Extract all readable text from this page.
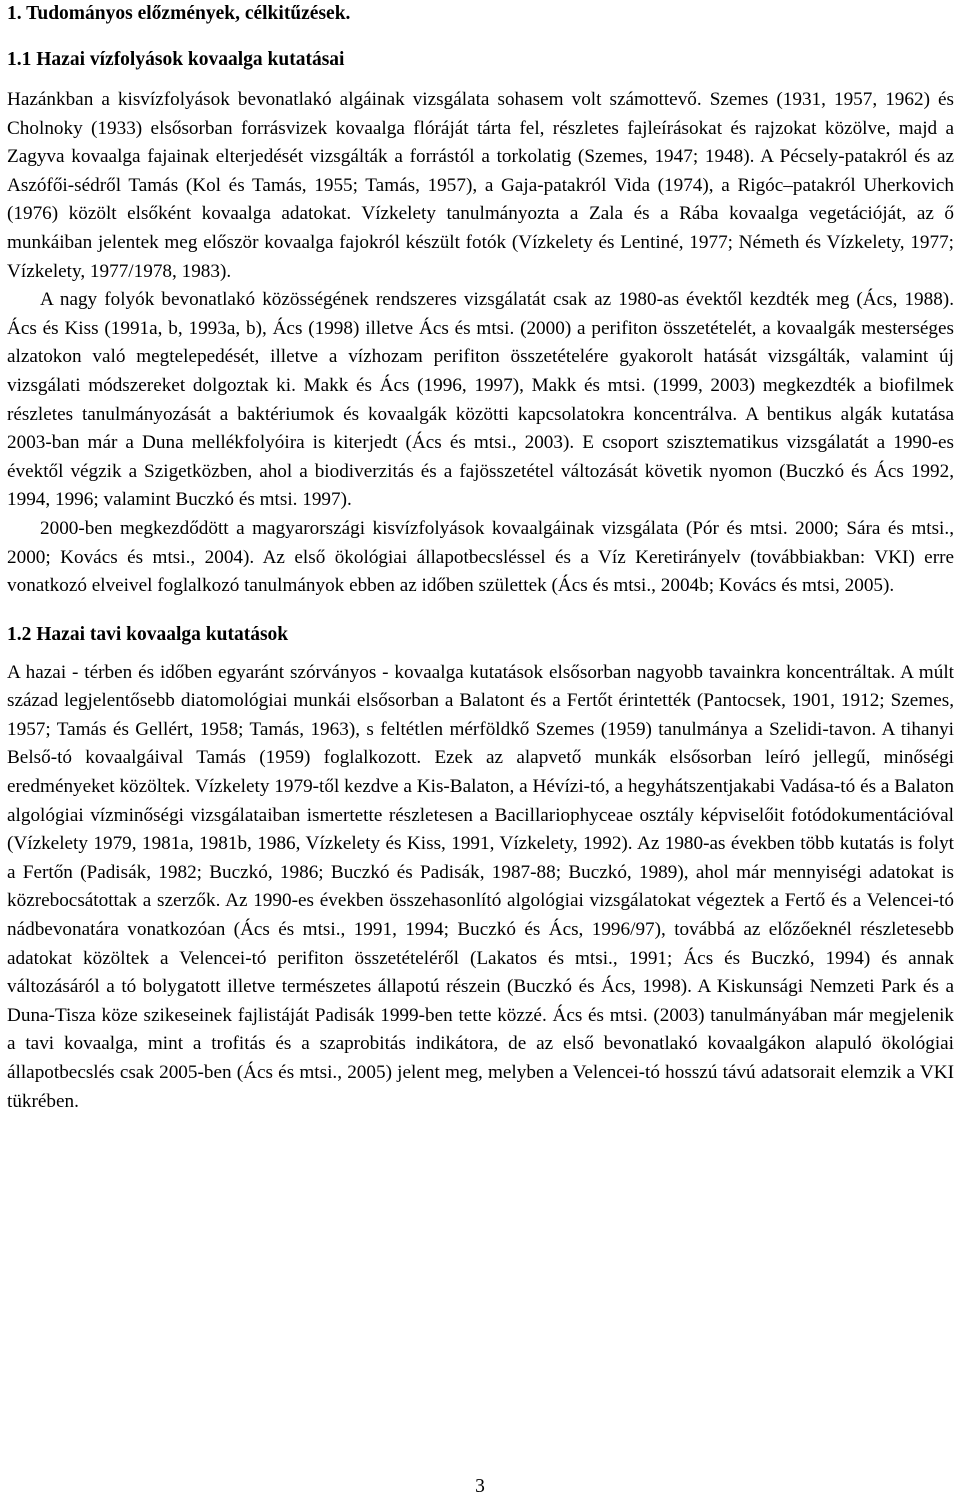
1. Tudományos előzmények, célkitűzések.
1.1 Hazai vízfolyások kovaalga kutatásai

Hazánkban a kisvízfolyások bevonatlakó algáinak vizsgálata sohasem volt számottevő. Szemes (1931, 1957, 1962) és Cholnoky (1933) elsősorban forrásvizek kovaalga flóráját tárta fel, részletes fajleírásokat és rajzokat közölve, majd a Zagyva kovaalga fajainak elterjedését vizsgálták a forrástól a torkolatig (Szemes, 1947; 1948). A Pécsely-patakról és az Aszófői-sédről Tamás (Kol és Tamás, 1955; Tamás, 1957), a Gaja-patakról Vida (1974), a Rigóc–patakról Uherkovich (1976) közölt elsőként kovaalga adatokat. Vízkelety tanulmányozta a Zala és a Rába kovaalga vegetációját, az ő munkáiban jelentek meg először kovaalga fajokról készült fotók (Vízkelety és Lentiné, 1977; Németh és Vízkelety, 1977; Vízkelety, 1977/1978, 1983).

A nagy folyók bevonatlakó közösségének rendszeres vizsgálatát csak az 1980-as évektől kezdték meg (Ács, 1988). Ács és Kiss (1991a, b, 1993a, b), Ács (1998) illetve Ács és mtsi. (2000) a perifiton összetételét, a kovaalgák mesterséges alzatokon való megtelepedését, illetve a vízhozam perifiton összetételére gyakorolt hatását vizsgálták, valamint új vizsgálati módszereket dolgoztak ki. Makk és Ács (1996, 1997), Makk és mtsi. (1999, 2003) megkezdték a biofilmek részletes tanulmányozását a baktériumok és kovaalgák közötti kapcsolatokra koncentrálva. A bentikus algák kutatása 2003-ban már a Duna mellékfolyóira is kiterjedt (Ács és mtsi., 2003). E csoport szisztematikus vizsgálatát a 1990-es évektől végzik a Szigetközben, ahol a biodiverzitás és a fajösszetétel változását követik nyomon (Buczkó és Ács 1992, 1994, 1996; valamint Buczkó és mtsi. 1997).

2000-ben megkezdődött a magyarországi kisvízfolyások kovaalgáinak vizsgálata (Pór és mtsi. 2000; Sára és mtsi., 2000; Kovács és mtsi., 2004). Az első ökológiai állapotbecsléssel és a Víz Keretirányelv (továbbiakban: VKI) erre vonatkozó elveivel foglalkozó tanulmányok ebben az időben születtek (Ács és mtsi., 2004b; Kovács és mtsi, 2005).

1.2 Hazai tavi kovaalga kutatások

A hazai - térben és időben egyaránt szórványos - kovaalga kutatások elsősorban nagyobb tavainkra koncentráltak. A múlt század legjelentősebb diatomológiai munkái elsősorban a Balatont és a Fertőt érintették (Pantocsek, 1901, 1912; Szemes, 1957; Tamás és Gellért, 1958; Tamás, 1963), s feltétlen mérföldkő Szemes (1959) tanulmánya a Szelidi-tavon. A tihanyi Belső-tó kovaalgáival Tamás (1959) foglalkozott. Ezek az alapvető munkák elsősorban leíró jellegű, minőségi eredményeket közöltek. Vízkelety 1979-től kezdve a Kis-Balaton, a Hévízi-tó, a hegyhátszentjakabi Vadása-tó és a Balaton algológiai vízminőségi vizsgálataiban ismertette részletesen a Bacillariophyceae osztály képviselőit fotódokumentációval (Vízkelety 1979, 1981a, 1981b, 1986, Vízkelety és Kiss, 1991, Vízkelety, 1992). Az 1980-as években több kutatás is folyt a Fertőn (Padisák, 1982; Buczkó, 1986; Buczkó és Padisák, 1987-88; Buczkó, 1989), ahol már mennyiségi adatokat is közrebocsátottak a szerzők. Az 1990-es években összehasonlító algológiai vizsgálatokat végeztek a Fertő és a Velencei-tó nádbevonatára vonatkozóan (Ács és mtsi., 1991, 1994; Buczkó és Ács, 1996/97), továbbá az előzőeknél részletesebb adatokat közöltek a Velencei-tó perifiton összetételéről (Lakatos és mtsi., 1991; Ács és Buczkó, 1994) és annak változásáról a tó bolygatott illetve természetes állapotú részein (Buczkó és Ács, 1998). A Kiskunsági Nemzeti Park és a Duna-Tisza köze szikeseinek fajlistáját Padisák 1999-ben tette közzé. Ács és mtsi. (2003) tanulmányában már megjelenik a tavi kovaalga, mint a trofitás és a szaprobitás indikátora, de az első bevonatlakó kovaalgákon alapuló ökológiai állapotbecslés csak 2005-ben (Ács és mtsi., 2005) jelent meg, melyben a Velencei-tó hosszú távú adatsorait elemzik a VKI tükrében.

3
